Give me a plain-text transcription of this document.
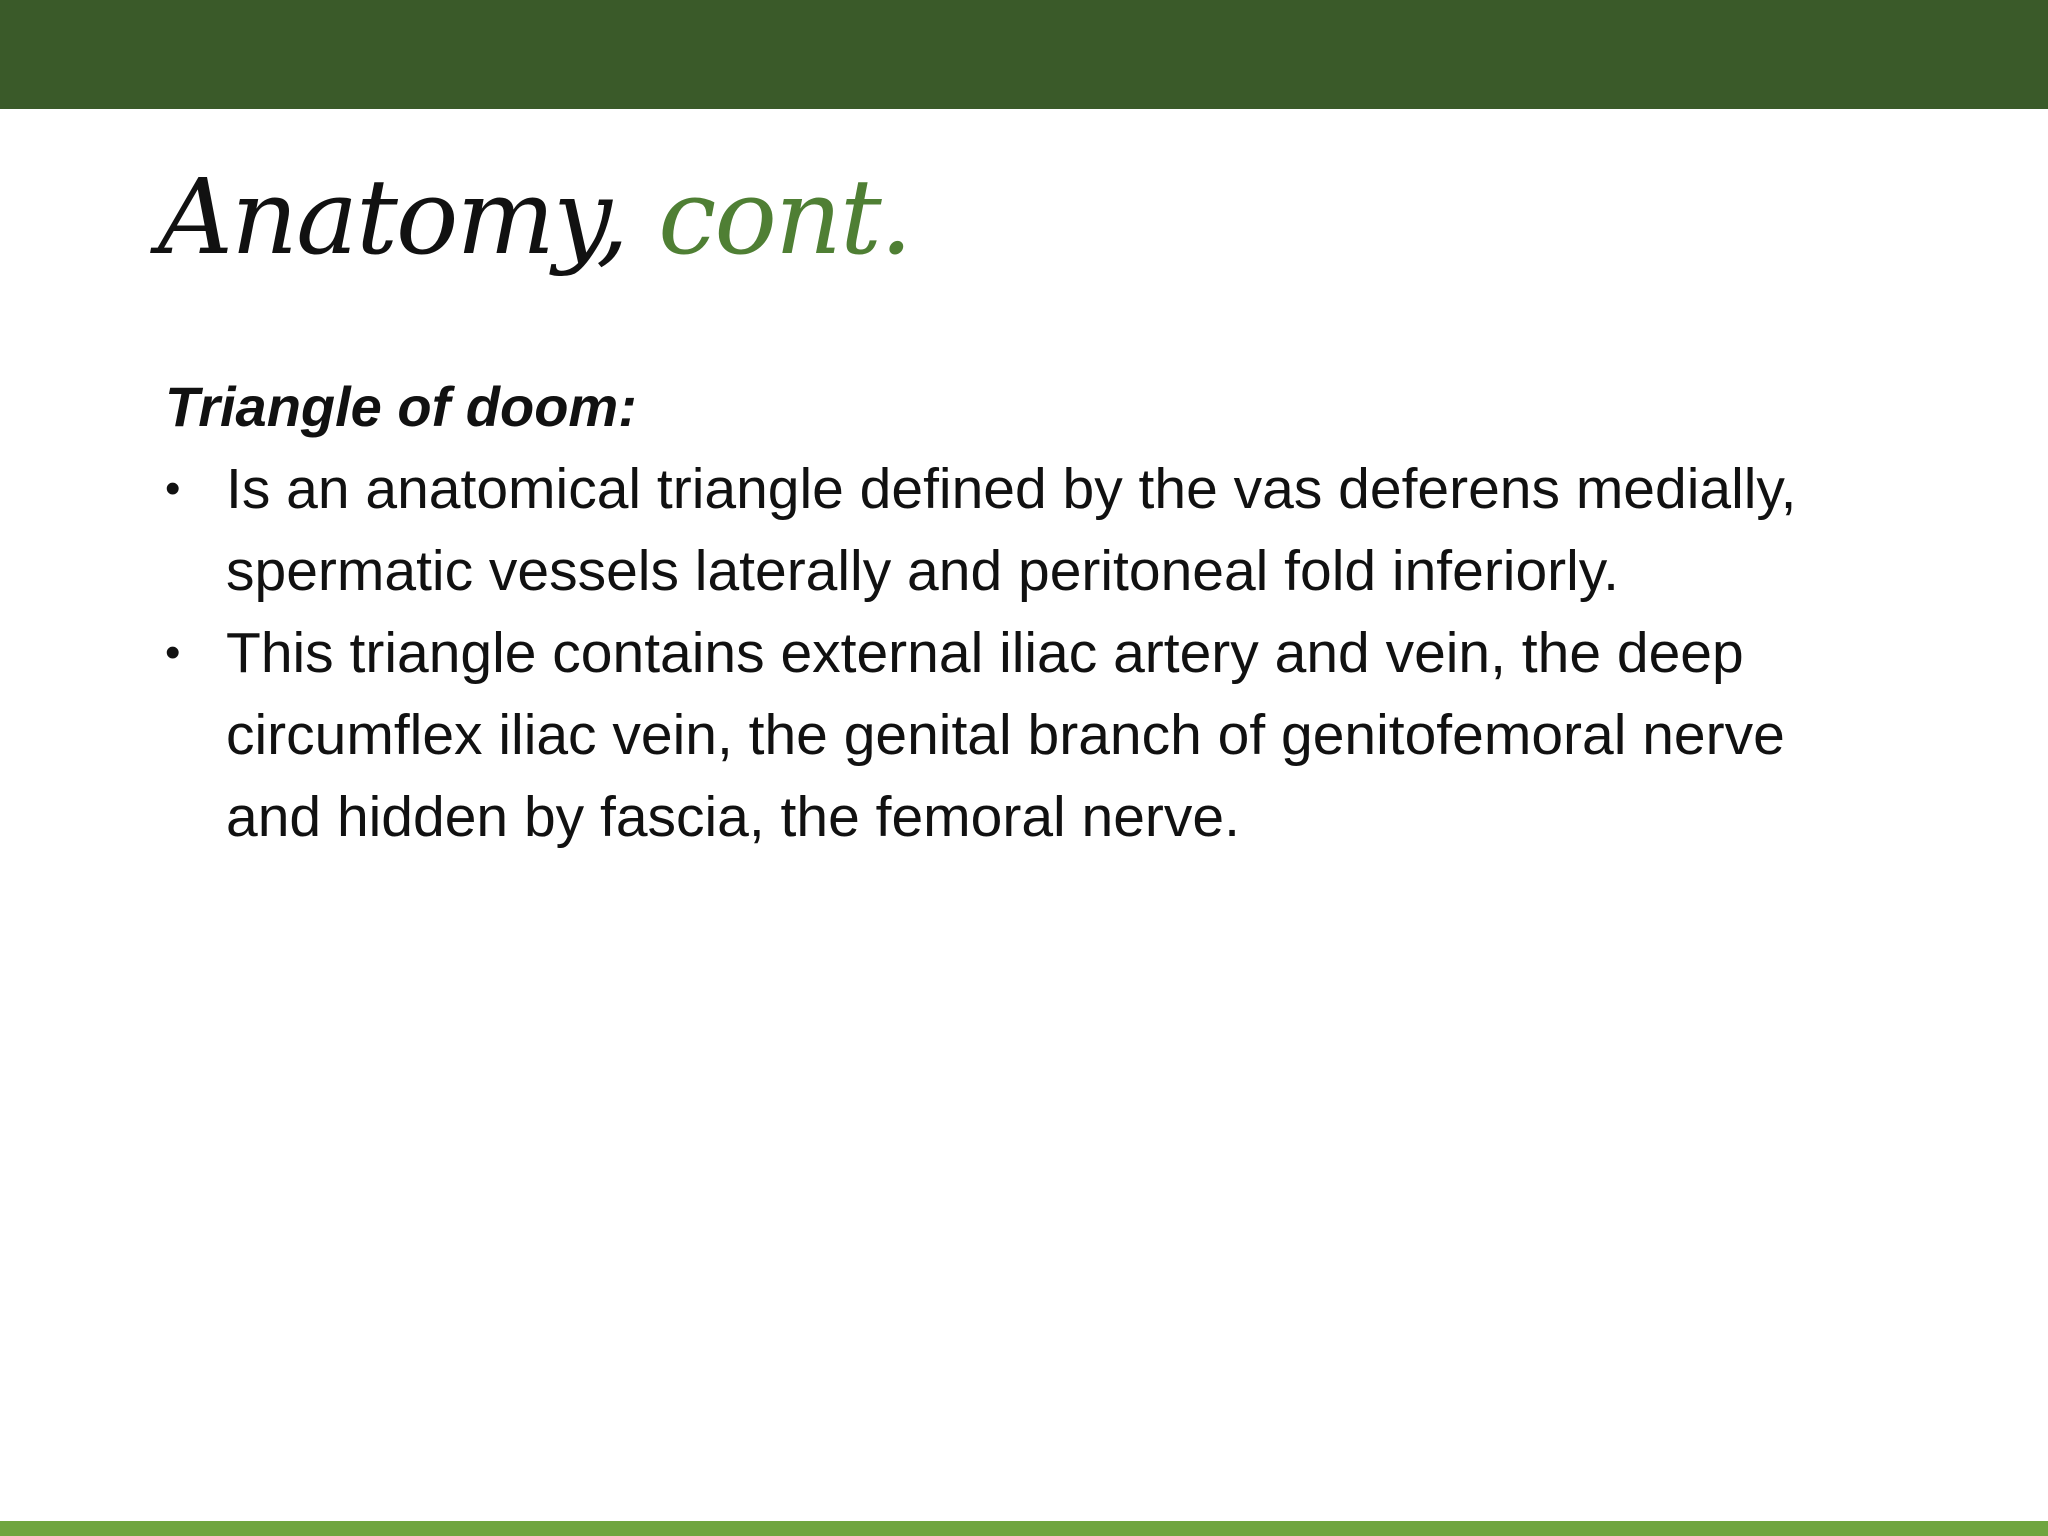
Anatomy, cont.

Triangle of doom:

• Is an anatomical triangle defined by the vas deferens medially, spermatic vessels laterally and peritoneal fold inferiorly.
• This triangle contains external iliac artery and vein, the deep circumflex iliac vein, the genital branch of genitofemoral nerve and hidden by fascia, the femoral nerve.
